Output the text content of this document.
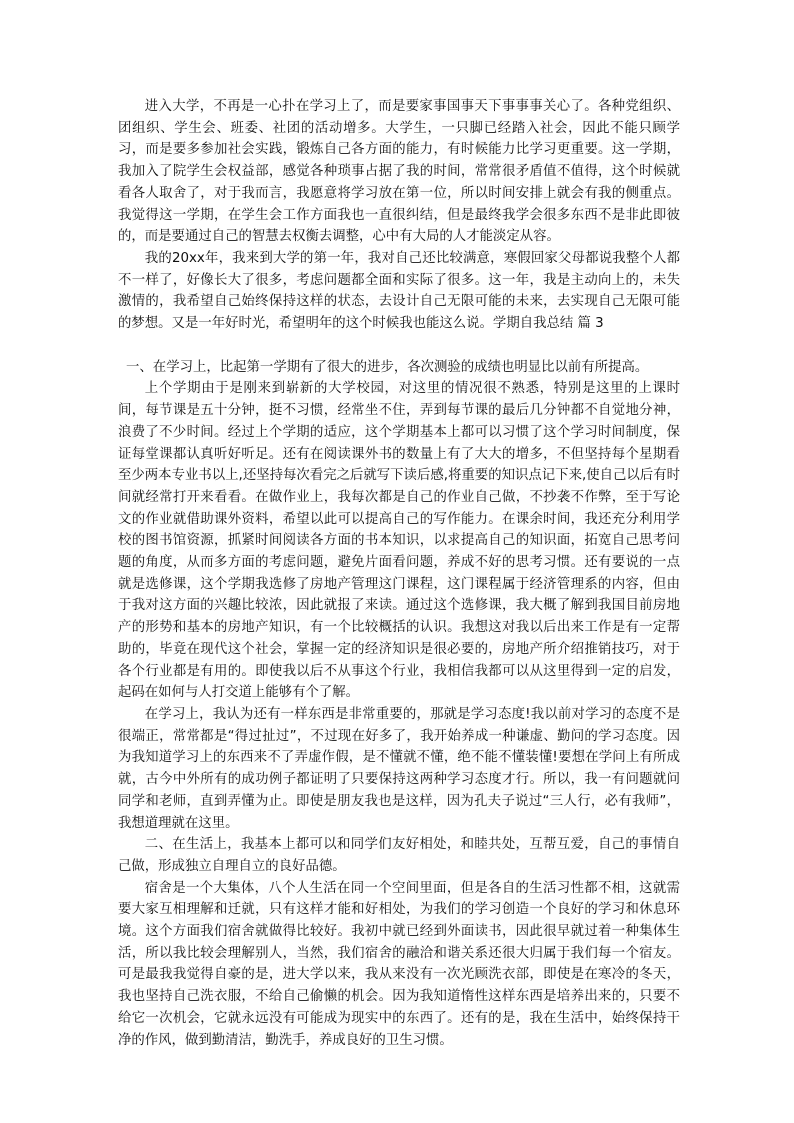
进入大学，不再是一心扑在学习上了，而是要家事国事天下事事事关心了。各种党组织、团组织、学生会、班委、社团的活动增多。大学生，一只脚已经踏入社会，因此不能只顾学习，而是要多参加社会实践，锻炼自己各方面的能力，有时候能力比学习更重要。这一学期，我加入了院学生会权益部，感觉各种琐事占据了我的时间，常常很矛盾值不值得，这个时候就看各人取舍了，对于我而言，我愿意将学习放在第一位，所以时间安排上就会有我的侧重点。我觉得这一学期，在学生会工作方面我也一直很纠结，但是最终我学会很多东西不是非此即彼的，而是要通过自己的智慧去权衡去调整，心中有大局的人才能淡定从容。

我的20xx年，我来到大学的第一年，我对自己还比较满意，寒假回家父母都说我整个人都不一样了，好像长大了很多，考虑问题都全面和实际了很多。这一年，我是主动向上的，未失激情的，我希望自己始终保持这样的状态，去设计自己无限可能的未来，去实现自己无限可能的梦想。又是一年好时光，希望明年的这个时候我也能这么说。学期自我总结 篇 3

一、在学习上，比起第一学期有了很大的进步，各次测验的成绩也明显比以前有所提高。

上个学期由于是刚来到崭新的大学校园，对这里的情况很不熟悉，特别是这里的上课时间，每节课是五十分钟，挺不习惯，经常坐不住，弄到每节课的最后几分钟都不自觉地分神，浪费了不少时间。经过上个学期的适应，这个学期基本上都可以习惯了这个学习时间制度，保证每堂课都认真听好听足。还有在阅读课外书的数量上有了大大的增多，不但坚持每个星期看至少两本专业书以上,还坚持每次看完之后就写下读后感,将重要的知识点记下来,使自己以后有时间就经常打开来看看。在做作业上，我每次都是自己的作业自己做，不抄袭不作弊，至于写论文的作业就借助课外资料，希望以此可以提高自己的写作能力。在课余时间，我还充分利用学校的图书馆资源，抓紧时间阅读各方面的书本知识，以求提高自己的知识面，拓宽自己思考问题的角度，从而多方面的考虑问题，避免片面看问题，养成不好的思考习惯。还有要说的一点就是选修课，这个学期我选修了房地产管理这门课程，这门课程属于经济管理系的内容，但由于我对这方面的兴趣比较浓，因此就报了来读。通过这个选修课，我大概了解到我国目前房地产的形势和基本的房地产知识，有一个比较概括的认识。我想这对我以后出来工作是有一定帮助的，毕竟在现代这个社会，掌握一定的经济知识是很必要的，房地产所介绍推销技巧，对于各个行业都是有用的。即使我以后不从事这个行业，我相信我都可以从这里得到一定的启发，起码在如何与人打交道上能够有个了解。

在学习上，我认为还有一样东西是非常重要的，那就是学习态度!我以前对学习的态度不是很端正，常常都是“得过扯过”，不过现在好多了，我开始养成一种谦虚、勤问的学习态度。因为我知道学习上的东西来不了弄虚作假，是不懂就不懂，绝不能不懂装懂!要想在学问上有所成就，古今中外所有的成功例子都证明了只要保持这两种学习态度才行。所以，我一有问题就问同学和老师，直到弄懂为止。即使是朋友我也是这样，因为孔夫子说过“三人行，必有我师”，我想道理就在这里。

二、在生活上，我基本上都可以和同学们友好相处，和睦共处，互帮互爱，自己的事情自己做，形成独立自理自立的良好品德。

宿舍是一个大集体，八个人生活在同一个空间里面，但是各自的生活习性都不相，这就需要大家互相理解和迁就，只有这样才能和好相处，为我们的学习创造一个良好的学习和休息环境。这个方面我们宿舍就做得比较好。我初中就已经到外面读书，因此很早就过着一种集体生活，所以我比较会理解别人，当然，我们宿舍的融洽和谐关系还很大归属于我们每一个宿友。可是最我我觉得自豪的是，进大学以来，我从来没有一次光顾洗衣部，即使是在寒冷的冬天，我也坚持自己洗衣服，不给自己偷懒的机会。因为我知道惰性这样东西是培养出来的，只要不给它一次机会，它就永远没有可能成为现实中的东西了。还有的是，我在生活中，始终保持干净的作风，做到勤清洁，勤洗手，养成良好的卫生习惯。
